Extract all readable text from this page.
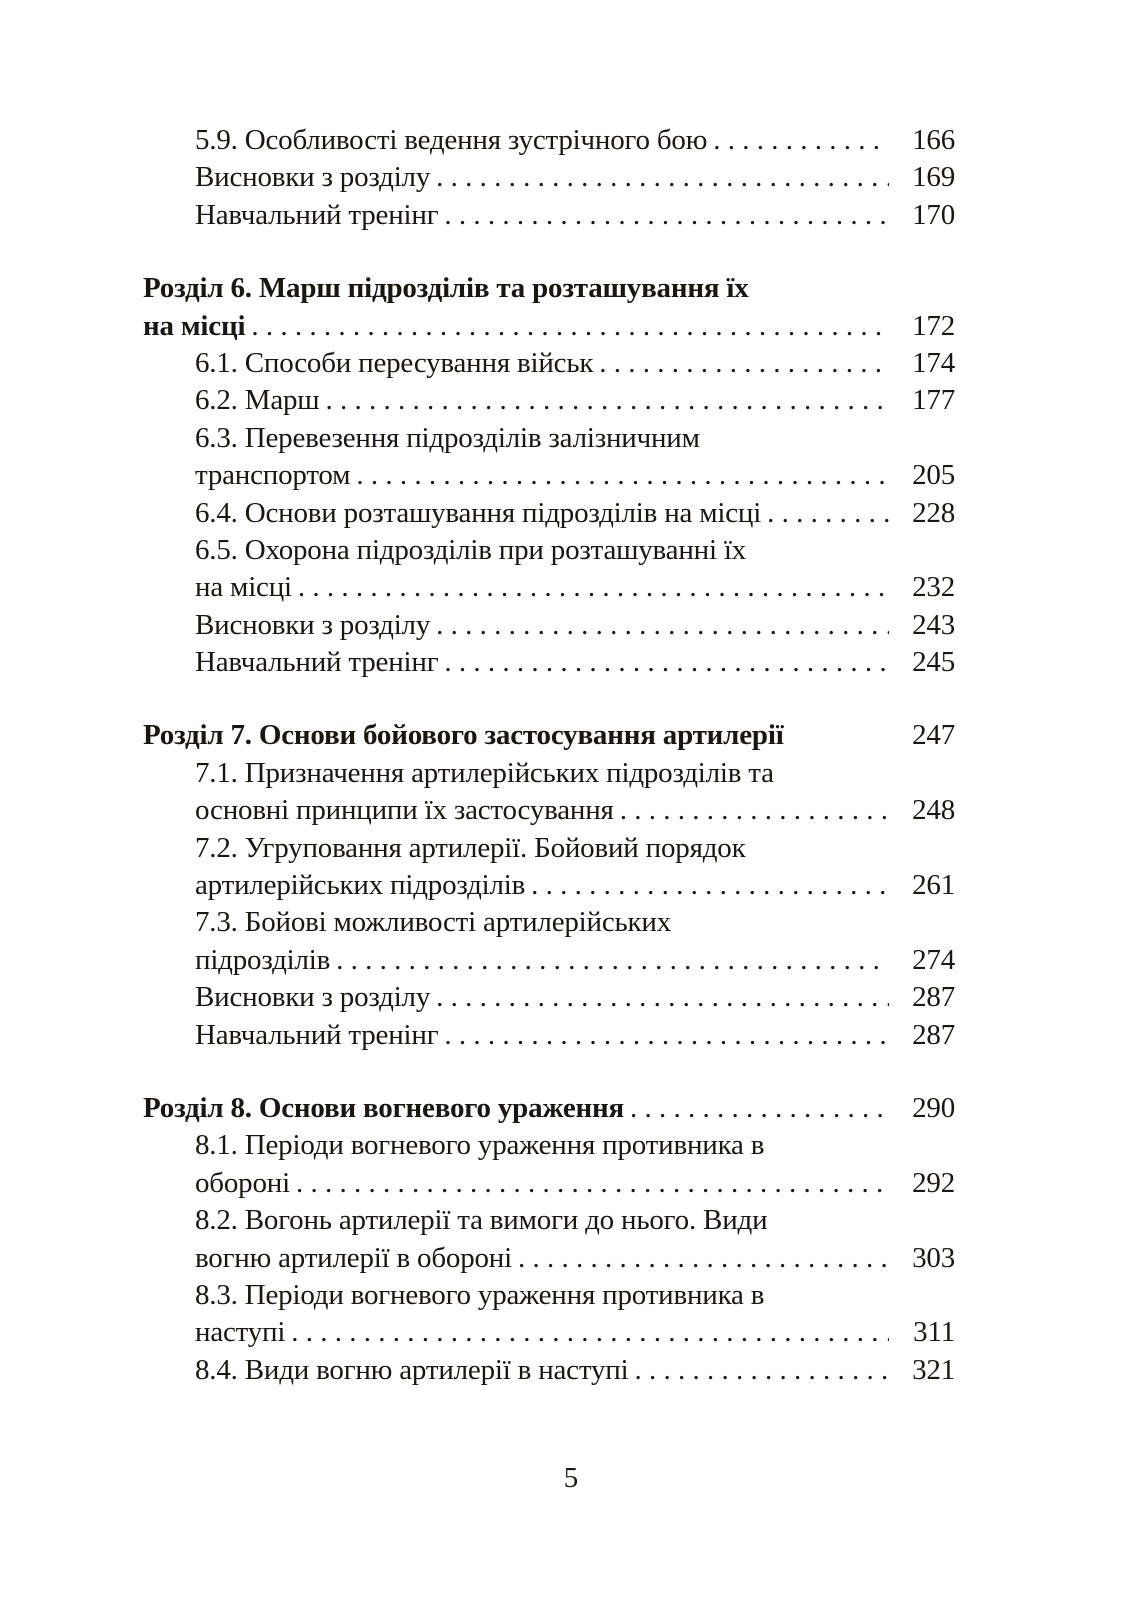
5.9. Особливості ведення зустрічного бою . . .	166
Висновки з розділу . . .	169
Навчальний тренінг . . .	170
Розділ 6. Марш підрозділів та розташування їх
на місці . . .	172
6.1. Способи пересування військ . . .	174
6.2. Марш . . .	177
6.3. Перевезення підрозділів залізничним
транспортом . . .	205
6.4. Основи розташування підрозділів на місці . . .	228
6.5. Охорона підрозділів при розташуванні їх
на місці . . .	232
Висновки з розділу . . .	243
Навчальний тренінг . . .	245
Розділ 7. Основи бойового застосування артилерії	247
7.1. Призначення артилерійських підрозділів та
основні принципи їх застосування . . .	248
7.2. Угруповання артилерії. Бойовий порядок
артилерійських підрозділів . . .	261
7.3. Бойові можливості артилерійських
підрозділів . . .	274
Висновки з розділу . . .	287
Навчальний тренінг . . .	287
Розділ 8. Основи вогневого ураження . . .	290
8.1. Періоди вогневого ураження противника в
обороні . . .	292
8.2. Вогонь артилерії та вимоги до нього. Види
вогню артилерії в обороні . . .	303
8.3. Періоди вогневого ураження противника в
наступі . . .	311
8.4. Види вогню артилерії в наступі . . .	321
5
